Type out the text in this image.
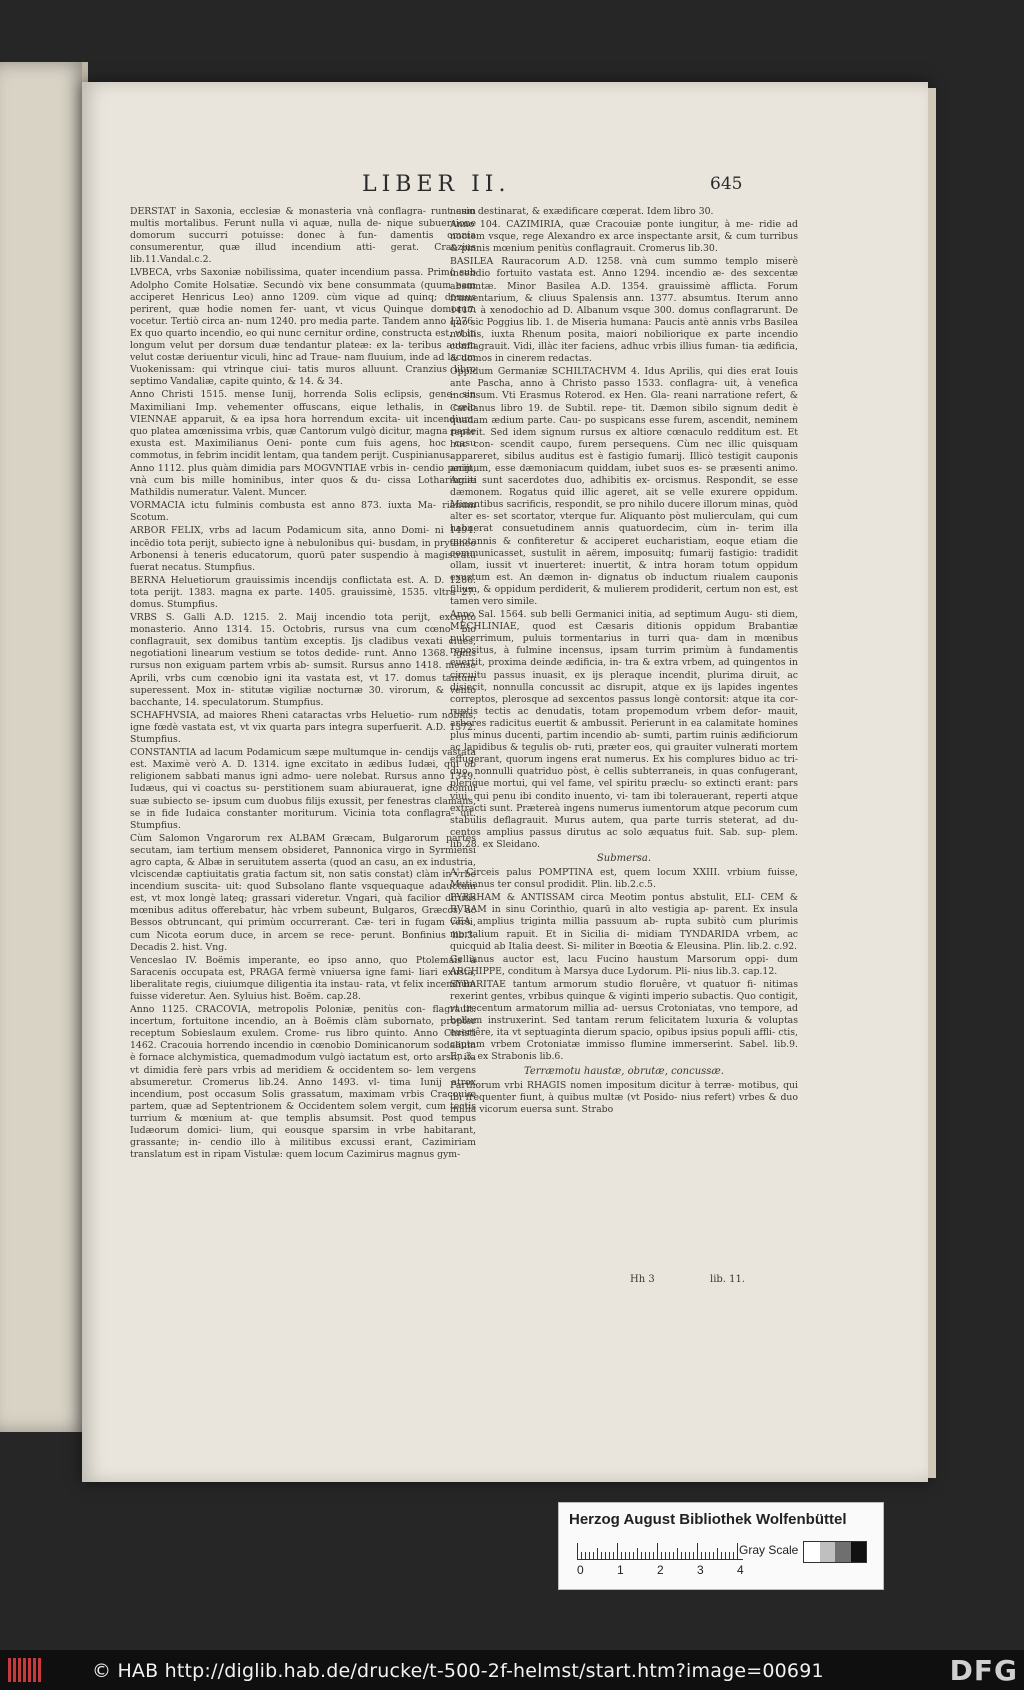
LIBER II.	645

DERSTAT in Saxonia, ecclesiæ & monasteria vnà conflagra- runt cum multis mortalibus. Ferunt nulla vi aquæ, nulla de- nique subuersione domorum succurri potuisse: donec à fun- damentis omnia consumerentur, quæ illud incendium atti- gerat. Cranzius lib.11.Vandal.c.2.

LVBECA, vrbs Saxoniæ nobilissima, quater incendium passa. Primò sub Adolpho Comite Holsatiæ. Secundò vix bene consummata (quum eam acciperet Henricus Leo) anno 1209. cùm vique ad quinq; domus perirent, quæ hodie nomen fer- uant, vt vicus Quinque domorum vocetur. Tertiò circa an- num 1240. pro media parte. Tandem anno 1276. Ex quo quarto incendio, eo qui nunc cernitur ordine, constructa est, vt in longum velut per dorsum duæ tendantur plateæ: ex la- teribus autem velut costæ deriuentur viculi, hinc ad Traue- nam fluuium, inde ad lacum Vuokenissam: qui vtrinque ciui- tatis muros alluunt. Cranzius libro septimo Vandaliæ, capite quinto, & 14. & 34.

Anno Christi 1515. mense Iunij, horrenda Solis eclipsis, gene- sin Maximiliani Imp. vehementer offuscans, eique lethalis, in cœlo VIENNAE apparuit, & ea ipsa hora horrendum excita- uit incendium, quo platea amœnissima vrbis, quæ Cantorum vulgò dicitur, magna parte exusta est. Maximilianus Oeni- ponte cum fuis agens, hoc casu commotus, in febrim incidit lentam, qua tandem perijt. Cuspinianus.

Anno 1112. plus quàm dimidia pars MOGVNTIAE vrbis in- cendio perijt, vnà cum bis mille hominibus, inter quos & du- cissa Lotharingiæ Mathildis numeratur. Valent. Muncer.

VORMACIA ictu fulminis combusta est anno 873. iuxta Ma- rianum Scotum.

ARBOR FELIX, vrbs ad lacum Podamicum sita, anno Domi- ni 1494. incēdio tota perijt, subiecto igne à nebulonibus qui- busdam, in prytaneo Arbonensi à teneris educatorum, quorū pater suspendio à magistratu fuerat necatus. Stumpfius.

BERNA Heluetiorum grauissimis incendijs conflictata est. A. D. 1286. tota perijt. 1383. magna ex parte. 1405. grauissimè, 1535. vltra 27. domus. Stumpfius.

VRBS S. Galli A.D. 1215. 2. Maij incendio tota perijt, excepto monasterio. Anno 1314. 15. Octobris, rursus vna cum cœno- bio conflagrauit, sex domibus tantùm exceptis. Ijs cladibus vexati ciues, negotiationi linearum vestium se totos dedide- runt. Anno 1368. ignis rursus non exiguam partem vrbis ab- sumsit. Rursus anno 1418. mense Aprili, vrbs cum cœnobio igni ita vastata est, vt 17. domus tantùm superessent. Mox in- stitutæ vigiliæ nocturnæ 30. virorum, & vento bacchante, 14. speculatorum. Stumpfius.

SCHAFHVSIA, ad maiores Rheni cataractas vrbs Heluetio- rum nobilis, igne fœdè vastata est, vt vix quarta pars integra superfuerit. A.D. 1372. Stumpfius.

CONSTANTIA ad lacum Podamicum sæpe multumque in- cendijs vastata est. Maximè verò A. D. 1314. igne excitato in ædibus Iudæi, qui ob religionem sabbati manus igni admo- uere nolebat. Rursus anno 1349. Iudæus, qui vi coactus su- perstitionem suam abiurauerat, igne domui suæ subiecto se- ipsum cum duobus filijs exussit, per fenestras clamans, se in fide Iudaica constanter moriturum. Vicinia tota conflagra- uit. Stumpfius.

Cùm Salomon Vngarorum rex ALBAM Græcam, Bulgarorum partes secutam, iam tertium mensem obsideret, Pannonica virgo in Syrmiensi agro capta, & Albæ in seruitutem asserta (quod an casu, an ex industria, vlciscendæ captiuitatis gratia factum sit, non satis constat) clàm in vrbe incendium suscita- uit: quod Subsolano flante vsquequaque adauctum est, vt mox longè lateq; grassari videretur. Vngari, quà facilior dirutis mœnibus aditus offerebatur, hàc vrbem subeunt, Bulgaros, Græcos, ac Bessos obtruncant, qui primùm occurrerant. Cæ- teri in fugam versi, cum Nicota eorum duce, in arcem se rece- perunt. Bonfinius lib.3. Decadis 2. hist. Vng.

Venceslao IV. Boëmis imperante, eo ipso anno, quo Ptolemais à Saracenis occupata est, PRAGA fermè vniuersa igne fami- liari exusta, liberalitate regis, ciuiumque diligentia ita instau- rata, vt felix incendium fuisse videretur. Aen. Syluius hist. Boëm. cap.28.

Anno 1125. CRACOVIA, metropolis Poloniæ, penitùs con- flagrauit: incertum, fortuitone incendio, an à Boëmis clàm subornato, propter receptum Sobieslaum exulem. Crome- rus libro quinto. Anno Christi 1462. Cracouia horrendo incendio in cœnobio Dominicanorum sodalium è fornace alchymistica, quemadmodum vulgò iactatum est, orto arsit, ita vt dimidia ferè pars vrbis ad meridiem & occidentem so- lem vergens absumeretur. Cromerus lib.24. Anno 1493. vl- tima Iunij atrox incendium, post occasum Solis grassatum, maximam vrbis Cracouiæ partem, quæ ad Septentrionem & Occidentem solem vergit, cum tectis turrium & mœnium at- que templis absumsit. Post quod tempus Iudæorum domici- lium, qui eousque sparsim in vrbe habitarant, grassante; in- cendio illo à militibus excussi erant, Cazimiriam translatum est in ripam Vistulæ: quem locum Cazimirus magnus gym-

nasio destinarat, & exædificare cœperat. Idem libro 30.

Anno 104. CAZIMIRIA, quæ Cracouiæ ponte iungitur, à me- ridie ad noctem vsque, rege Alexandro ex arce inspectante arsit, & cum turribus & pinnis mœnium penitùs conflagrauit. Cromerus lib.30.

BASILEA Rauracorum A.D. 1258. vnà cum summo templo miserè incendio fortuito vastata est. Anno 1294. incendio æ- des sexcentæ absumtæ. Minor Basilea A.D. 1354. grauissimè afflicta. Forum frumentarium, & cliuus Spalensis ann. 1377. absumtus. Iterum anno 1417. à xenodochio ad D. Albanum vsque 300. domus conflagrarunt. De quo sic Poggius lib. 1. de Miseria humana: Paucis antè annis vrbs Basilea nobilis, iuxta Rhenum posita, maiori nobiliorique ex parte incendio conflagrauit. Vidi, illàc iter faciens, adhuc vrbis illius fuman- tia ædificia, & domos in cinerem redactas.

Oppidum Germaniæ SCHILTACHVM 4. Idus Aprilis, qui dies erat Iouis ante Pascha, anno à Christo passo 1533. conflagra- uit, à venefica incensum. Vti Erasmus Roterod. ex Hen. Gla- reani narratione refert, & Cardanus libro 19. de Subtil. repe- tit. Dæmon sibilo signum dedit è quadam ædium parte. Cau- po suspicans esse furem, ascendit, neminem reperit. Sed idem signum rursus ex altiore cœnaculo redditum est. Et huc con- scendit caupo, furem persequens. Cùm nec illic quisquam appareret, sibilus auditus est è fastigio fumarij. Illicò testigit cauponis animum, esse dæmoniacum quiddam, iubet suos es- se præsenti animo. Acciti sunt sacerdotes duo, adhibitis ex- orcismus. Respondit, se esse dæmonem. Rogatus quid illic ageret, ait se velle exurere oppidum. Minantibus sacrificis, respondit, se pro nihilo ducere illorum minas, quòd alter es- set scortator, vterque fur. Aliquanto pòst mulierculam, qui cum habuerat consuetudinem annis quatuordecim, cùm in- terim illa quotannis & confiteretur & acciperet eucharistiam, eoque etiam die communicasset, sustulit in aërem, imposuitq; fumarij fastigio: tradidit ollam, iussit vt inuerteret: inuertit, & intra horam totum oppidum exustum est. An dæmon in- dignatus ob inductum riualem cauponis filium, & oppidum perdiderit, & mulierem prodiderit, certum non est, est tamen vero simile.

Anno Sal. 1564. sub belli Germanici initia, ad septimum Augu- sti diem, MECHLINIAE, quod est Cæsaris ditionis oppidum Brabantiæ pulcerrimum, puluis tormentarius in turri qua- dam in mœnibus repositus, à fulmine incensus, ipsam turrim primùm à fundamentis euertit, proxima deinde ædificia, in- tra & extra vrbem, ad quingentos in circuitu passus inuasit, ex ijs pleraque incendit, plurima diruit, ac disiecit, nonnulla concussit ac disrupit, atque ex ijs lapides ingentes correptos, plerosque ad sexcentos passus longè contorsit: atque ita cor- ruptis tectis ac denudatis, totam propemodum vrbem defor- mauit, arbores radicitus euertit & ambussit. Perierunt in ea calamitate homines plus minus ducenti, partim incendio ab- sumti, partim ruinis ædificiorum ac lapidibus & tegulis ob- ruti, præter eos, qui grauiter vulnerati mortem effugerant, quorum ingens erat numerus. Ex his complures biduo ac tri- duo, nonnulli quatriduo pòst, è cellis subterraneis, in quas confugerant, plerique mortui, qui vel fame, vel spiritu præclu- so extincti erant: pars viui, qui penu ibi condito inuento, vi- tam ibi tolerauerant, reperti atque extracti sunt. Prætereà ingens numerus iumentorum atque pecorum cum stabulis deflagrauit. Murus autem, qua parte turris steterat, ad du- centos amplius passus dirutus ac solo æquatus fuit. Sab. sup- plem. lib.28. ex Sleidano.

Submersa.

A' Circeis palus POMPTINA est, quem locum XXIII. vrbium fuisse, Mutianus ter consul prodidit. Plin. lib.2.c.5.

PYRRHAM & ANTISSAM circa Meotim pontus abstulit, ELI- CEM & BVRAM in sinu Corinthio, quarū in alto vestigia ap- parent. Ex insula CEA amplius triginta millia passuum ab- rupta subitò cum plurimis mortalium rapuit. Et in Sicilia di- midiam TYNDARIDA vrbem, ac quicquid ab Italia deest. Si- militer in Bœotia & Eleusina. Plin. lib.2. c.92.

Gellianus auctor est, lacu Fucino haustum Marsorum oppi- dum ARCHIPPE, conditum à Marsya duce Lydorum. Pli- nius lib.3. cap.12.

SYBARITAE tantum armorum studio floruêre, vt quatuor fi- nitimas rexerint gentes, vrbibus quinque & viginti imperio subactis. Quo contigit, vt trecentum armatorum millia ad- uersus Crotoniatas, vno tempore, ad bellum instruxerint. Sed tantam rerum felicitatem luxuria & voluptas euertêre, ita vt septuaginta dierum spacio, opibus ipsius populi affli- ctis, captam vrbem Crotoniatæ immisso flumine immerserint. Sabel. lib.9. En.3. ex Strabonis lib.6.

Terræmotu haustæ, obrutæ, concussæ.

Parthorum vrbi RHAGIS nomen impositum dicitur à terræ- motibus, qui ibi frequenter fiunt, à quibus multæ (vt Posido- nius refert) vrbes & duo millia vicorum euersa sunt. Strabo

Hh 3	lib. 11.
Herzog August Bibliothek Wolfenbüttel
0	1	2	3	4
Gray Scale
© HAB http://diglib.hab.de/drucke/t-500-2f-helmst/start.htm?image=00691	DFG
